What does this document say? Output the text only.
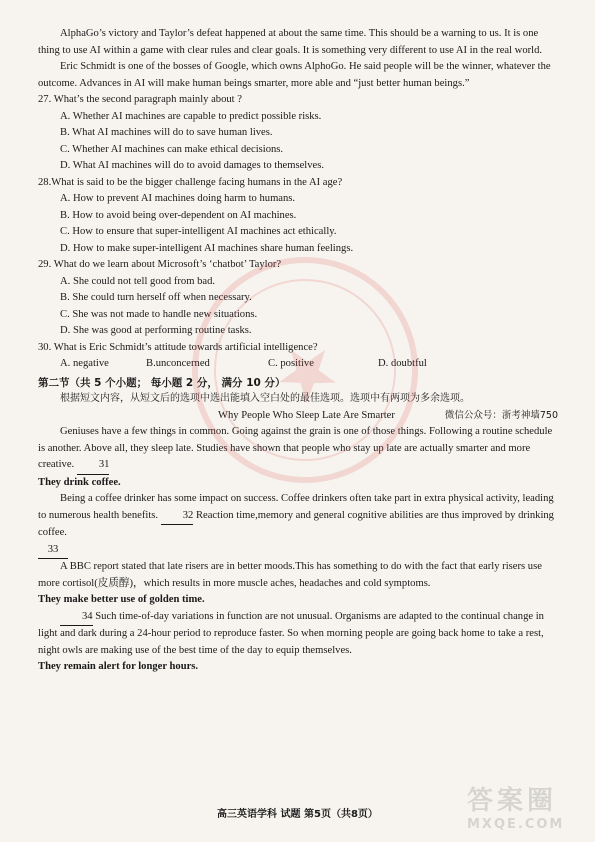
AlphaGo’s victory and Taylor’s defeat happened at about the same time. This should be a warning to us. It is one thing to use AI within a game with clear rules and clear goals. It is something very different to use AI in the real world.

Eric Schmidt is one of the bosses of Google, which owns AlphoGo. He said people will be the winner, whatever the outcome. Advances in AI will make human beings smarter, more able and “just better human beings.”

27. What’s the second paragraph mainly about ?

A. Whether AI machines are capable to predict possible risks.

B. What AI machines will do to save human lives.

C. Whether AI machines can make ethical decisions.

D. What AI machines will do to avoid damages to themselves.

28.What is said to be the bigger challenge facing humans in the AI age?

A. How to prevent AI machines doing harm to humans.

B. How to avoid being over-dependent on AI machines.

C. How to ensure that super-intelligent AI machines act ethically.

D. How to make super-intelligent AI machines share human feelings.

29. What do we learn about Microsoft’s ‘chatbot’ Taylor?

A. She could not tell good from bad.

B. She could turn herself off when necessary.

C. She was not made to handle new situations.

D. She was good at performing routine tasks.

30. What is Eric Schmidt’s attitude towards artificial intelligence?

A. negative	B.unconcerned	C. positive	D. doubtful

第二节（共 5 个小题； 每小题 2 分， 满分 10 分）

根据短文内容，从短文后的选项中选出能填入空白处的最佳选项。选项中有两项为多余选项。

Why People Who Sleep Late Are Smarter	微信公众号：浙考神墙750

Geniuses have a few things in common. Going against the grain is one of those things. Following a routine schedule is another. Above all, they sleep late. Studies have shown that people who stay up late are actually smarter and more creative. 31

They drink coffee.

Being a coffee drinker has some impact on success. Coffee drinkers often take part in extra physical activity, leading to numerous health benefits. 32 Reaction time,memory and general cognitive abilities are thus improved by drinking coffee.

33

A BBC report stated that late risers are in better moods.This has something to do with the fact that early risers use more cortisol(皮质醇)，which results in more muscle aches, headaches and cold symptoms.

They make better use of golden time.

34 Such time-of-day variations in function are not unusual. Organisms are adapted to the continual change in light and dark during a 24-hour period to reproduce faster. So when morning people are going back home to take a rest, night owls are making use of the best time of the day to equip themselves.

They remain alert for longer hours.

高三英语学科 试题 第5页（共8页）	答案圈
MXQE.COM
